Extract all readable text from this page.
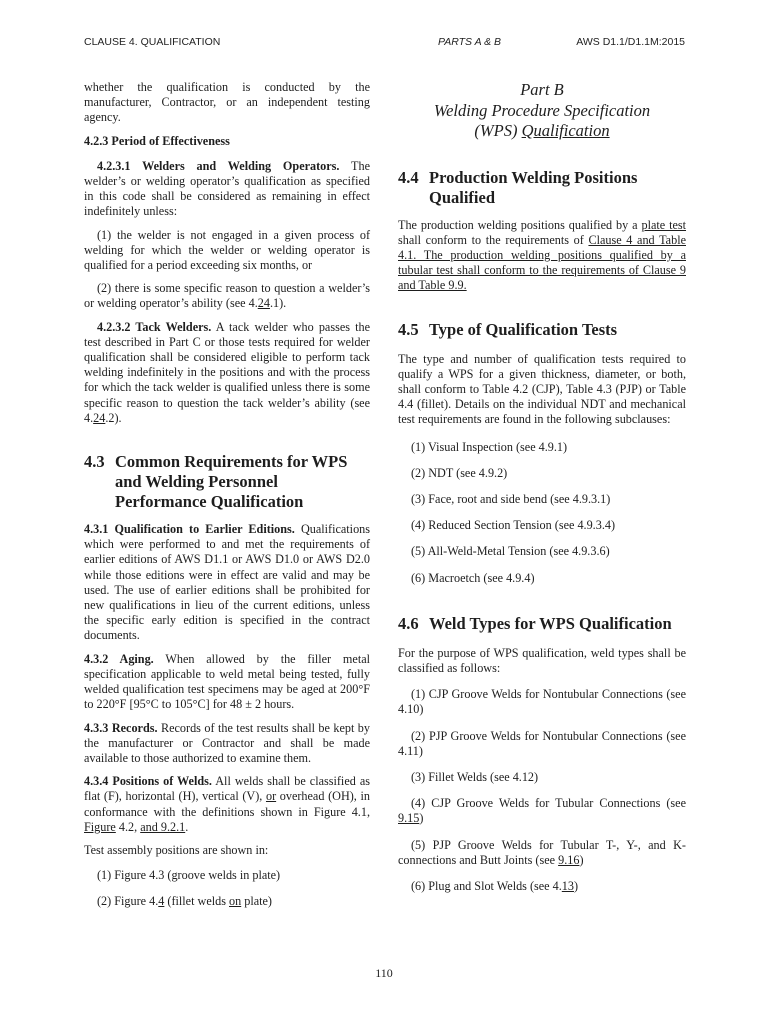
CLAUSE 4. QUALIFICATION	PARTS A & B	AWS D1.1/D1.1M:2015

whether the qualification is conducted by the manufacturer, Contractor, or an independent testing agency.

4.2.3 Period of Effectiveness

4.2.3.1 Welders and Welding Operators. The welder’s or welding operator’s qualification as specified in this code shall be considered as remaining in effect indefinitely unless:

(1) the welder is not engaged in a given process of welding for which the welder or welding operator is qualified for a period exceeding six months, or

(2) there is some specific reason to question a welder’s or welding operator’s ability (see 4.24.1).

4.2.3.2 Tack Welders. A tack welder who passes the test described in Part C or those tests required for welder qualification shall be considered eligible to perform tack welding indefinitely in the positions and with the process for which the tack welder is qualified unless there is some specific reason to question the tack welder’s ability (see 4.24.2).

4.3 Common Requirements for WPS and Welding Personnel Performance Qualification

4.3.1 Qualification to Earlier Editions. Qualifications which were performed to and met the requirements of earlier editions of AWS D1.1 or AWS D1.0 or AWS D2.0 while those editions were in effect are valid and may be used. The use of earlier editions shall be prohibited for new qualifications in lieu of the current editions, unless the specific early edition is specified in the contract documents.

4.3.2 Aging. When allowed by the filler metal specification applicable to weld metal being tested, fully welded qualification test specimens may be aged at 200°F to 220°F [95°C to 105°C] for 48 ± 2 hours.

4.3.3 Records. Records of the test results shall be kept by the manufacturer or Contractor and shall be made available to those authorized to examine them.

4.3.4 Positions of Welds. All welds shall be classified as flat (F), horizontal (H), vertical (V), or overhead (OH), in conformance with the definitions shown in Figure 4.1, Figure 4.2, and 9.2.1.

Test assembly positions are shown in:

(1) Figure 4.3 (groove welds in plate)

(2) Figure 4.4 (fillet welds on plate)

Part B
Welding Procedure Specification
(WPS) Qualification
4.4 Production Welding Positions Qualified

The production welding positions qualified by a plate test shall conform to the requirements of Clause 4 and Table 4.1. The production welding positions qualified by a tubular test shall conform to the requirements of Clause 9 and Table 9.9.

4.5 Type of Qualification Tests

The type and number of qualification tests required to qualify a WPS for a given thickness, diameter, or both, shall conform to Table 4.2 (CJP), Table 4.3 (PJP) or Table 4.4 (fillet). Details on the individual NDT and mechanical test requirements are found in the following subclauses:

(1) Visual Inspection (see 4.9.1)

(2) NDT (see 4.9.2)

(3) Face, root and side bend (see 4.9.3.1)

(4) Reduced Section Tension (see 4.9.3.4)

(5) All-Weld-Metal Tension (see 4.9.3.6)

(6) Macroetch (see 4.9.4)

4.6 Weld Types for WPS Qualification

For the purpose of WPS qualification, weld types shall be classified as follows:

(1) CJP Groove Welds for Nontubular Connections (see 4.10)

(2) PJP Groove Welds for Nontubular Connections (see 4.11)

(3) Fillet Welds (see 4.12)

(4) CJP Groove Welds for Tubular Connections (see 9.15)

(5) PJP Groove Welds for Tubular T-, Y-, and K-connections and Butt Joints (see 9.16)

(6) Plug and Slot Welds (see 4.13)

110
